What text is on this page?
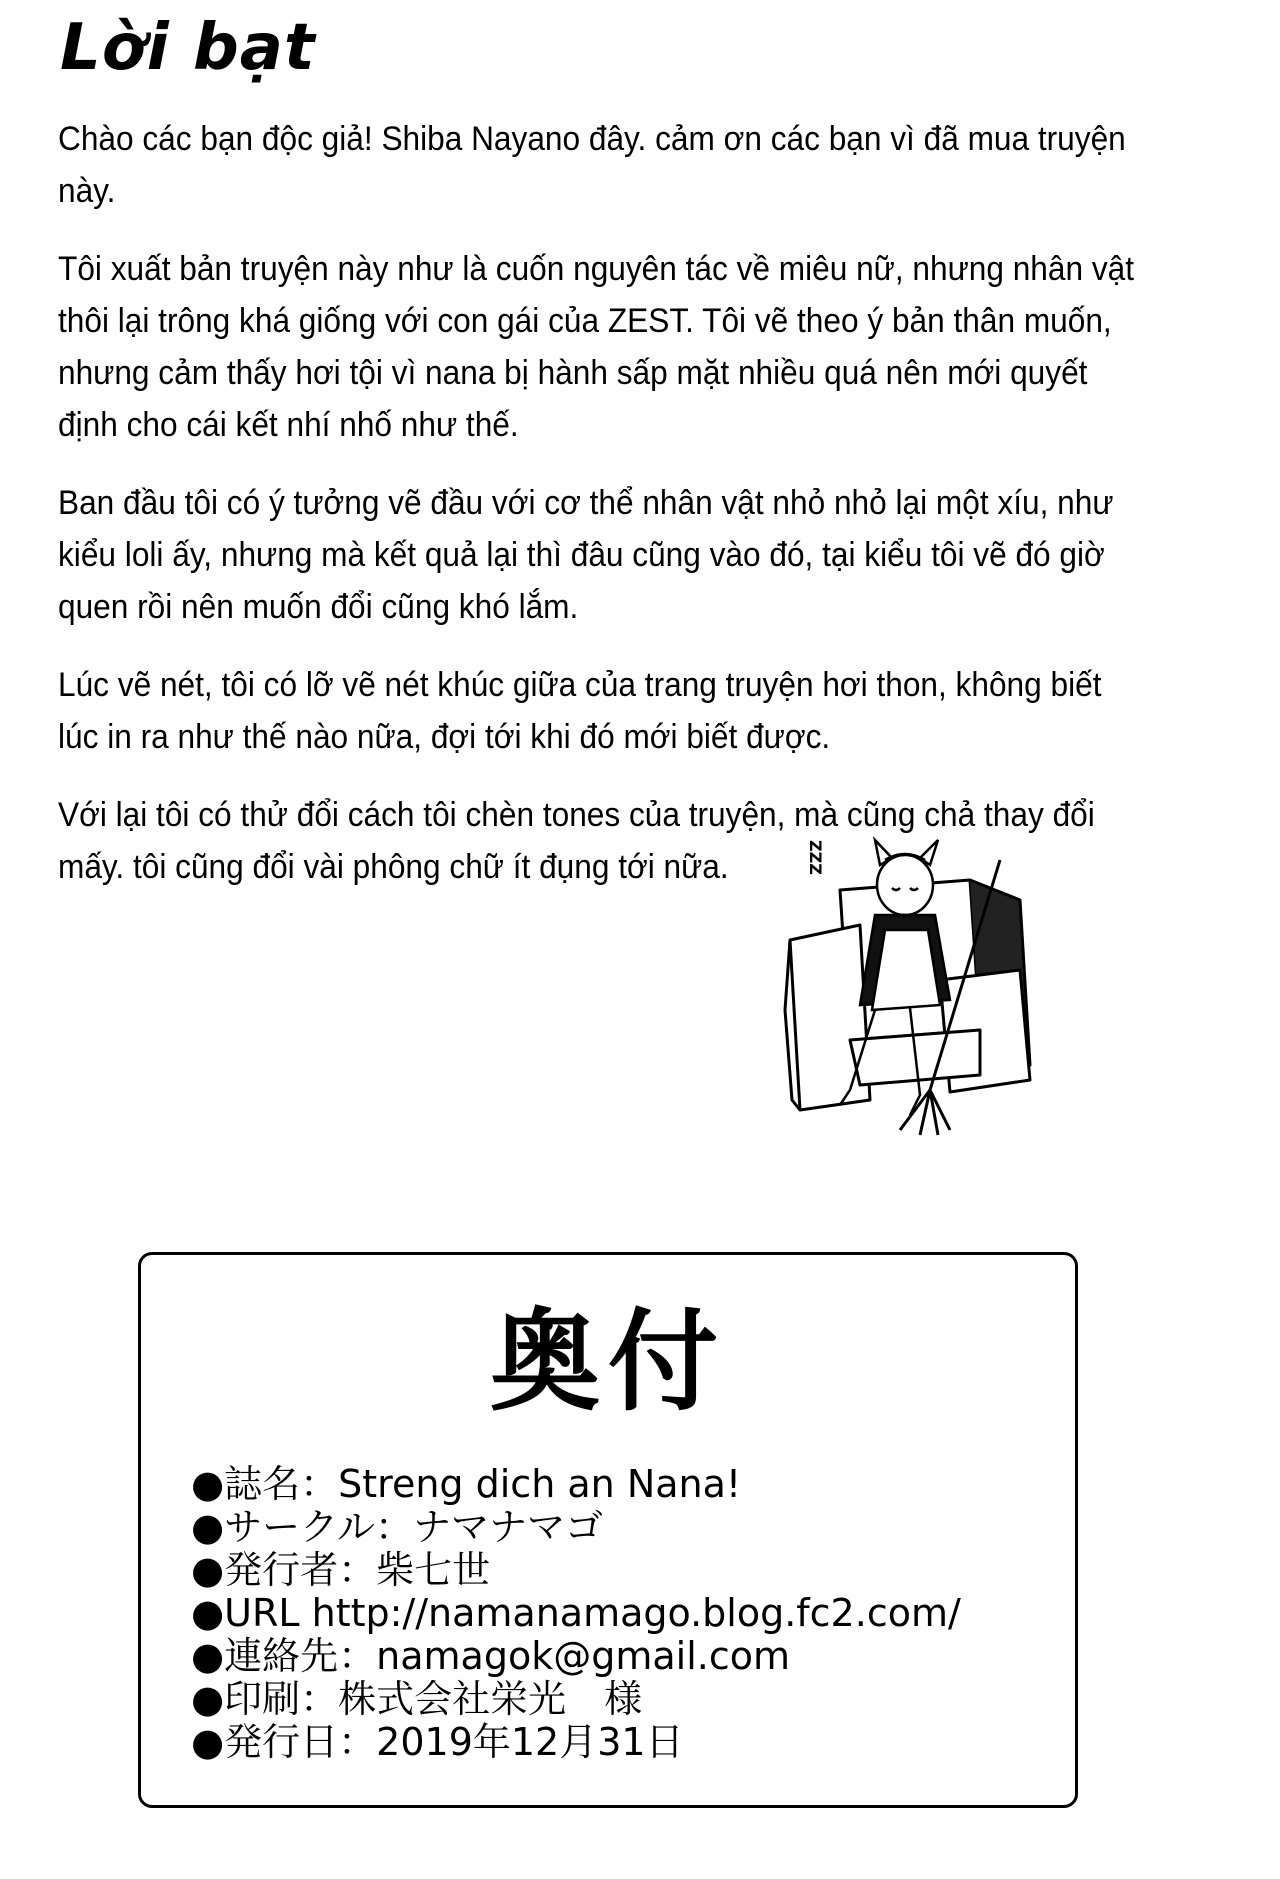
Lời bạt

Chào các bạn độc giả! Shiba Nayano đây. cảm ơn các bạn vì đã mua truyện này.

Tôi xuất bản truyện này như là cuốn nguyên tác về miêu nữ, nhưng nhân vật thôi lại trông khá giống với con gái của ZEST. Tôi vẽ theo ý bản thân muốn, nhưng cảm thấy hơi tội vì nana bị hành sấp mặt nhiều quá nên mới quyết định cho cái kết nhí nhố như thế.

Ban đầu tôi có ý tưởng vẽ đầu với cơ thể nhân vật nhỏ nhỏ lại một xíu, như kiểu loli ấy, nhưng mà kết quả lại thì đâu cũng vào đó, tại kiểu tôi vẽ đó giờ quen rồi nên muốn đổi cũng khó lắm.

Lúc vẽ nét, tôi có lỡ vẽ nét khúc giữa của trang truyện hơi thon, không biết lúc in ra như thế nào nữa, đợi tới khi đó mới biết được.

Với lại tôi có thử đổi cách tôi chèn tones của truyện, mà cũng chả thay đổi mấy. tôi cũng đổi vài phông chữ ít đụng tới nữa.	ZZZ
奥付
●誌名：Streng dich an Nana!
●サークル：ナマナマゴ
●発行者：柴七世
●URL http://namanamago.blog.fc2.com/
●連絡先：namagok@gmail.com
●印刷：株式会社栄光　様
●発行日：2019年12月31日
